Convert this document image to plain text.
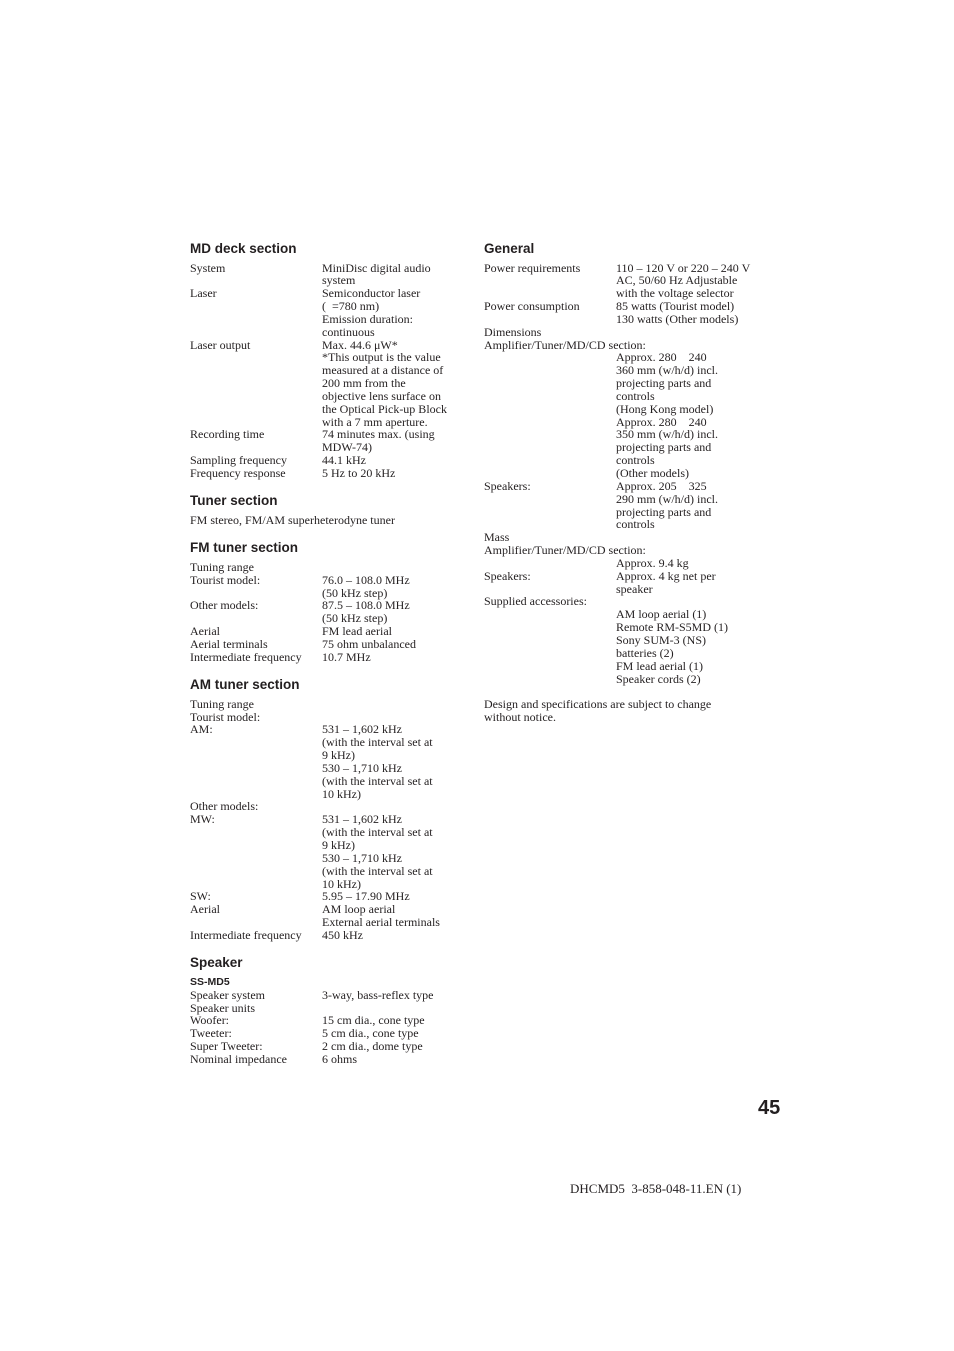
MD deck section
System	MiniDisc digital audio
system
Laser	Semiconductor laser
(  =780 nm)
Emission duration:
continuous
Laser output	Max. 44.6 μW*
*This output is the value
measured at a distance of
200 mm from the
objective lens surface on
the Optical Pick-up Block
with a 7 mm aperture.
Recording time	74 minutes max. (using
MDW-74)
Sampling frequency	44.1 kHz
Frequency response	5 Hz to 20 kHz
Tuner section
FM stereo, FM/AM superheterodyne tuner
FM tuner section
Tuning range
Tourist model:	76.0 – 108.0 MHz
(50 kHz step)
Other models:	87.5 – 108.0 MHz
(50 kHz step)
Aerial	FM lead aerial
Aerial terminals	75 ohm unbalanced
Intermediate frequency 10.7 MHz
AM tuner section
Tuning range
Tourist model:
AM:	531 – 1,602 kHz
(with the interval set at
9 kHz)
530 – 1,710 kHz
(with the interval set at
10 kHz)
Other models:
MW:	531 – 1,602 kHz
(with the interval set at
9 kHz)
530 – 1,710 kHz
(with the interval set at
10 kHz)
SW:	5.95 – 17.90 MHz
Aerial	AM loop aerial
External aerial terminals
Intermediate frequency 450 kHz
Speaker
SS-MD5
Speaker system	3-way, bass-reflex type
Speaker units
Woofer:	15 cm dia., cone type
Tweeter:	5 cm dia., cone type
Super Tweeter:	2 cm dia., dome type
Nominal impedance	6 ohms
General
Power requirements	110 – 120 V or 220 – 240 V
AC, 50/60 Hz Adjustable
with the voltage selector
Power consumption	85 watts (Tourist model)
130 watts (Other models)
Dimensions
Amplifier/Tuner/MD/CD section:
Approx. 280    240
360 mm (w/h/d) incl.
projecting parts and
controls
(Hong Kong model)
Approx. 280    240
350 mm (w/h/d) incl.
projecting parts and
controls
(Other models)
Speakers:	Approx. 205    325
290 mm (w/h/d) incl.
projecting parts and
controls
Mass
Amplifier/Tuner/MD/CD section:
Approx. 9.4 kg
Speakers:	Approx. 4 kg net per
speaker
Supplied accessories:
AM loop aerial (1)
Remote RM-S5MD (1)
Sony SUM-3 (NS)
batteries (2)
FM lead aerial (1)
Speaker cords (2)
Design and specifications are subject to change
without notice.
45
DHCMD5  3-858-048-11.EN (1)
